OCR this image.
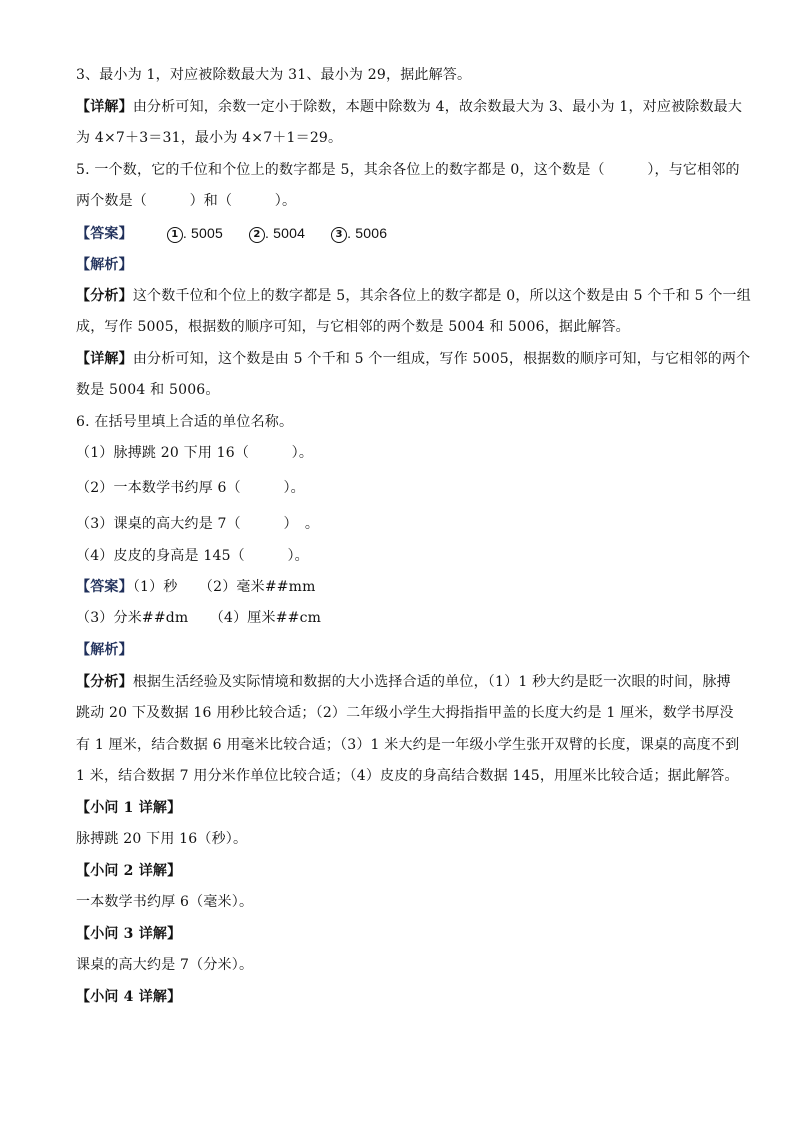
3、最小为 1，对应被除数最大为 31、最小为 29，据此解答。
【详解】由分析可知，余数一定小于除数，本题中除数为 4，故余数最大为 3、最小为 1，对应被除数最大
为 4×7＋3＝31，最小为 4×7＋1＝29。
5. 一个数，它的千位和个位上的数字都是 5，其余各位上的数字都是 0，这个数是（　　　），与它相邻的
两个数是（　　　）和（　　　）。
【答案】	1 . 5005	2 . 5004	3 . 5006
【解析】
【分析】这个数千位和个位上的数字都是 5，其余各位上的数字都是 0，所以这个数是由 5 个千和 5 个一组
成，写作 5005，根据数的顺序可知，与它相邻的两个数是 5004 和 5006，据此解答。
【详解】由分析可知，这个数是由 5 个千和 5 个一组成，写作 5005，根据数的顺序可知，与它相邻的两个
数是 5004 和 5006。
6. 在括号里填上合适的单位名称。
（1）脉搏跳 20 下用 16（　　　）。
（2）一本数学书约厚 6（　　　）。
（3）课桌的高大约是 7（　　　）　。
（4）皮皮的身高是 145（　　　）。
【答案】（1）秒　　（2）毫米##mm
（3）分米##dm　　（4）厘米##cm
【解析】
【分析】根据生活经验及实际情境和数据的大小选择合适的单位，（1）1 秒大约是眨一次眼的时间，脉搏
跳动 20 下及数据 16 用秒比较合适；（2）二年级小学生大拇指指甲盖的长度大约是 1 厘米，数学书厚没
有 1 厘米，结合数据 6 用毫米比较合适；（3）1 米大约是一年级小学生张开双臂的长度，课桌的高度不到
1 米，结合数据 7 用分米作单位比较合适；（4）皮皮的身高结合数据 145，用厘米比较合适；据此解答。
【小问 1 详解】
脉搏跳 20 下用 16（秒）。
【小问 2 详解】
一本数学书约厚 6（毫米）。
【小问 3 详解】
课桌的高大约是 7（分米）。
【小问 4 详解】
